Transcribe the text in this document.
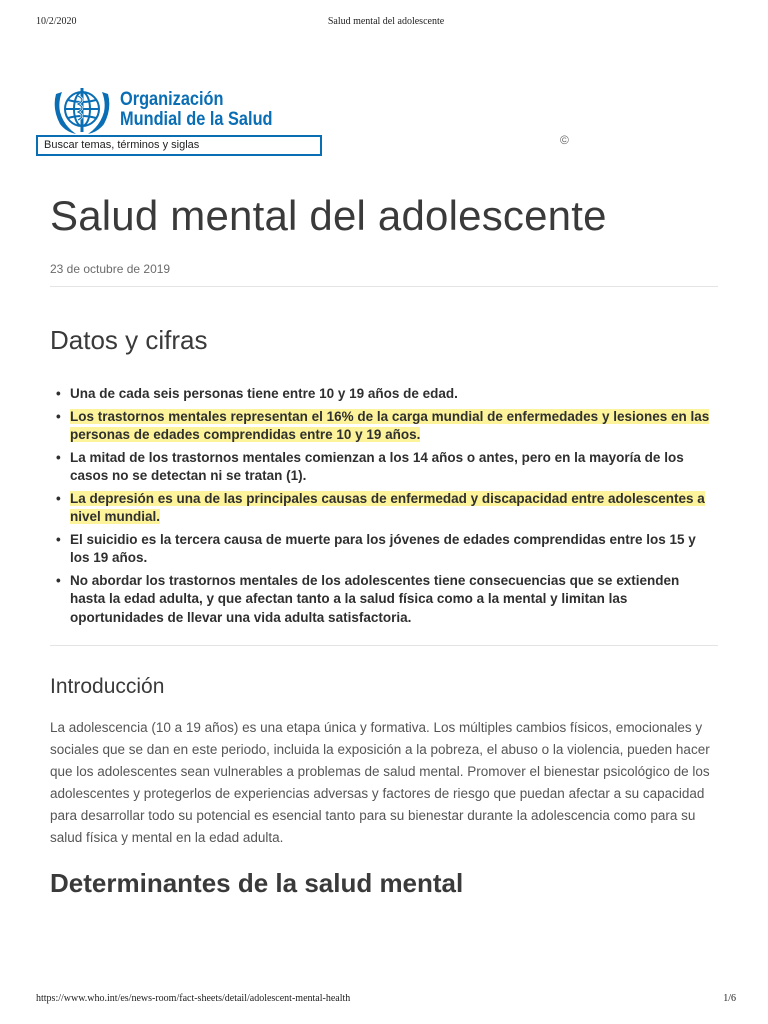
10/2/2020	Salud mental del adolescente
Organización
Mundial de la Salud
Buscar temas, términos y siglas	©
Salud mental del adolescente
23 de octubre de 2019
Datos y cifras
• Una de cada seis personas tiene entre 10 y 19 años de edad.
• Los trastornos mentales representan el 16% de la carga mundial de enfermedades y lesiones en las personas de edades comprendidas entre 10 y 19 años.
• La mitad de los trastornos mentales comienzan a los 14 años o antes, pero en la mayoría de los casos no se detectan ni se tratan (1).
• La depresión es una de las principales causas de enfermedad y discapacidad entre adolescentes a nivel mundial.
• El suicidio es la tercera causa de muerte para los jóvenes de edades comprendidas entre los 15 y los 19 años.
• No abordar los trastornos mentales de los adolescentes tiene consecuencias que se extienden hasta la edad adulta, y que afectan tanto a la salud física como a la mental y limitan las oportunidades de llevar una vida adulta satisfactoria.
Introducción

La adolescencia (10 a 19 años) es una etapa única y formativa. Los múltiples cambios físicos, emocionales y sociales que se dan en este periodo, incluida la exposición a la pobreza, el abuso o la violencia, pueden hacer que los adolescentes sean vulnerables a problemas de salud mental. Promover el bienestar psicológico de los adolescentes y protegerlos de experiencias adversas y factores de riesgo que puedan afectar a su capacidad para desarrollar todo su potencial es esencial tanto para su bienestar durante la adolescencia como para su salud física y mental en la edad adulta.

Determinantes de la salud mental
https://www.who.int/es/news-room/fact-sheets/detail/adolescent-mental-health	1/6
